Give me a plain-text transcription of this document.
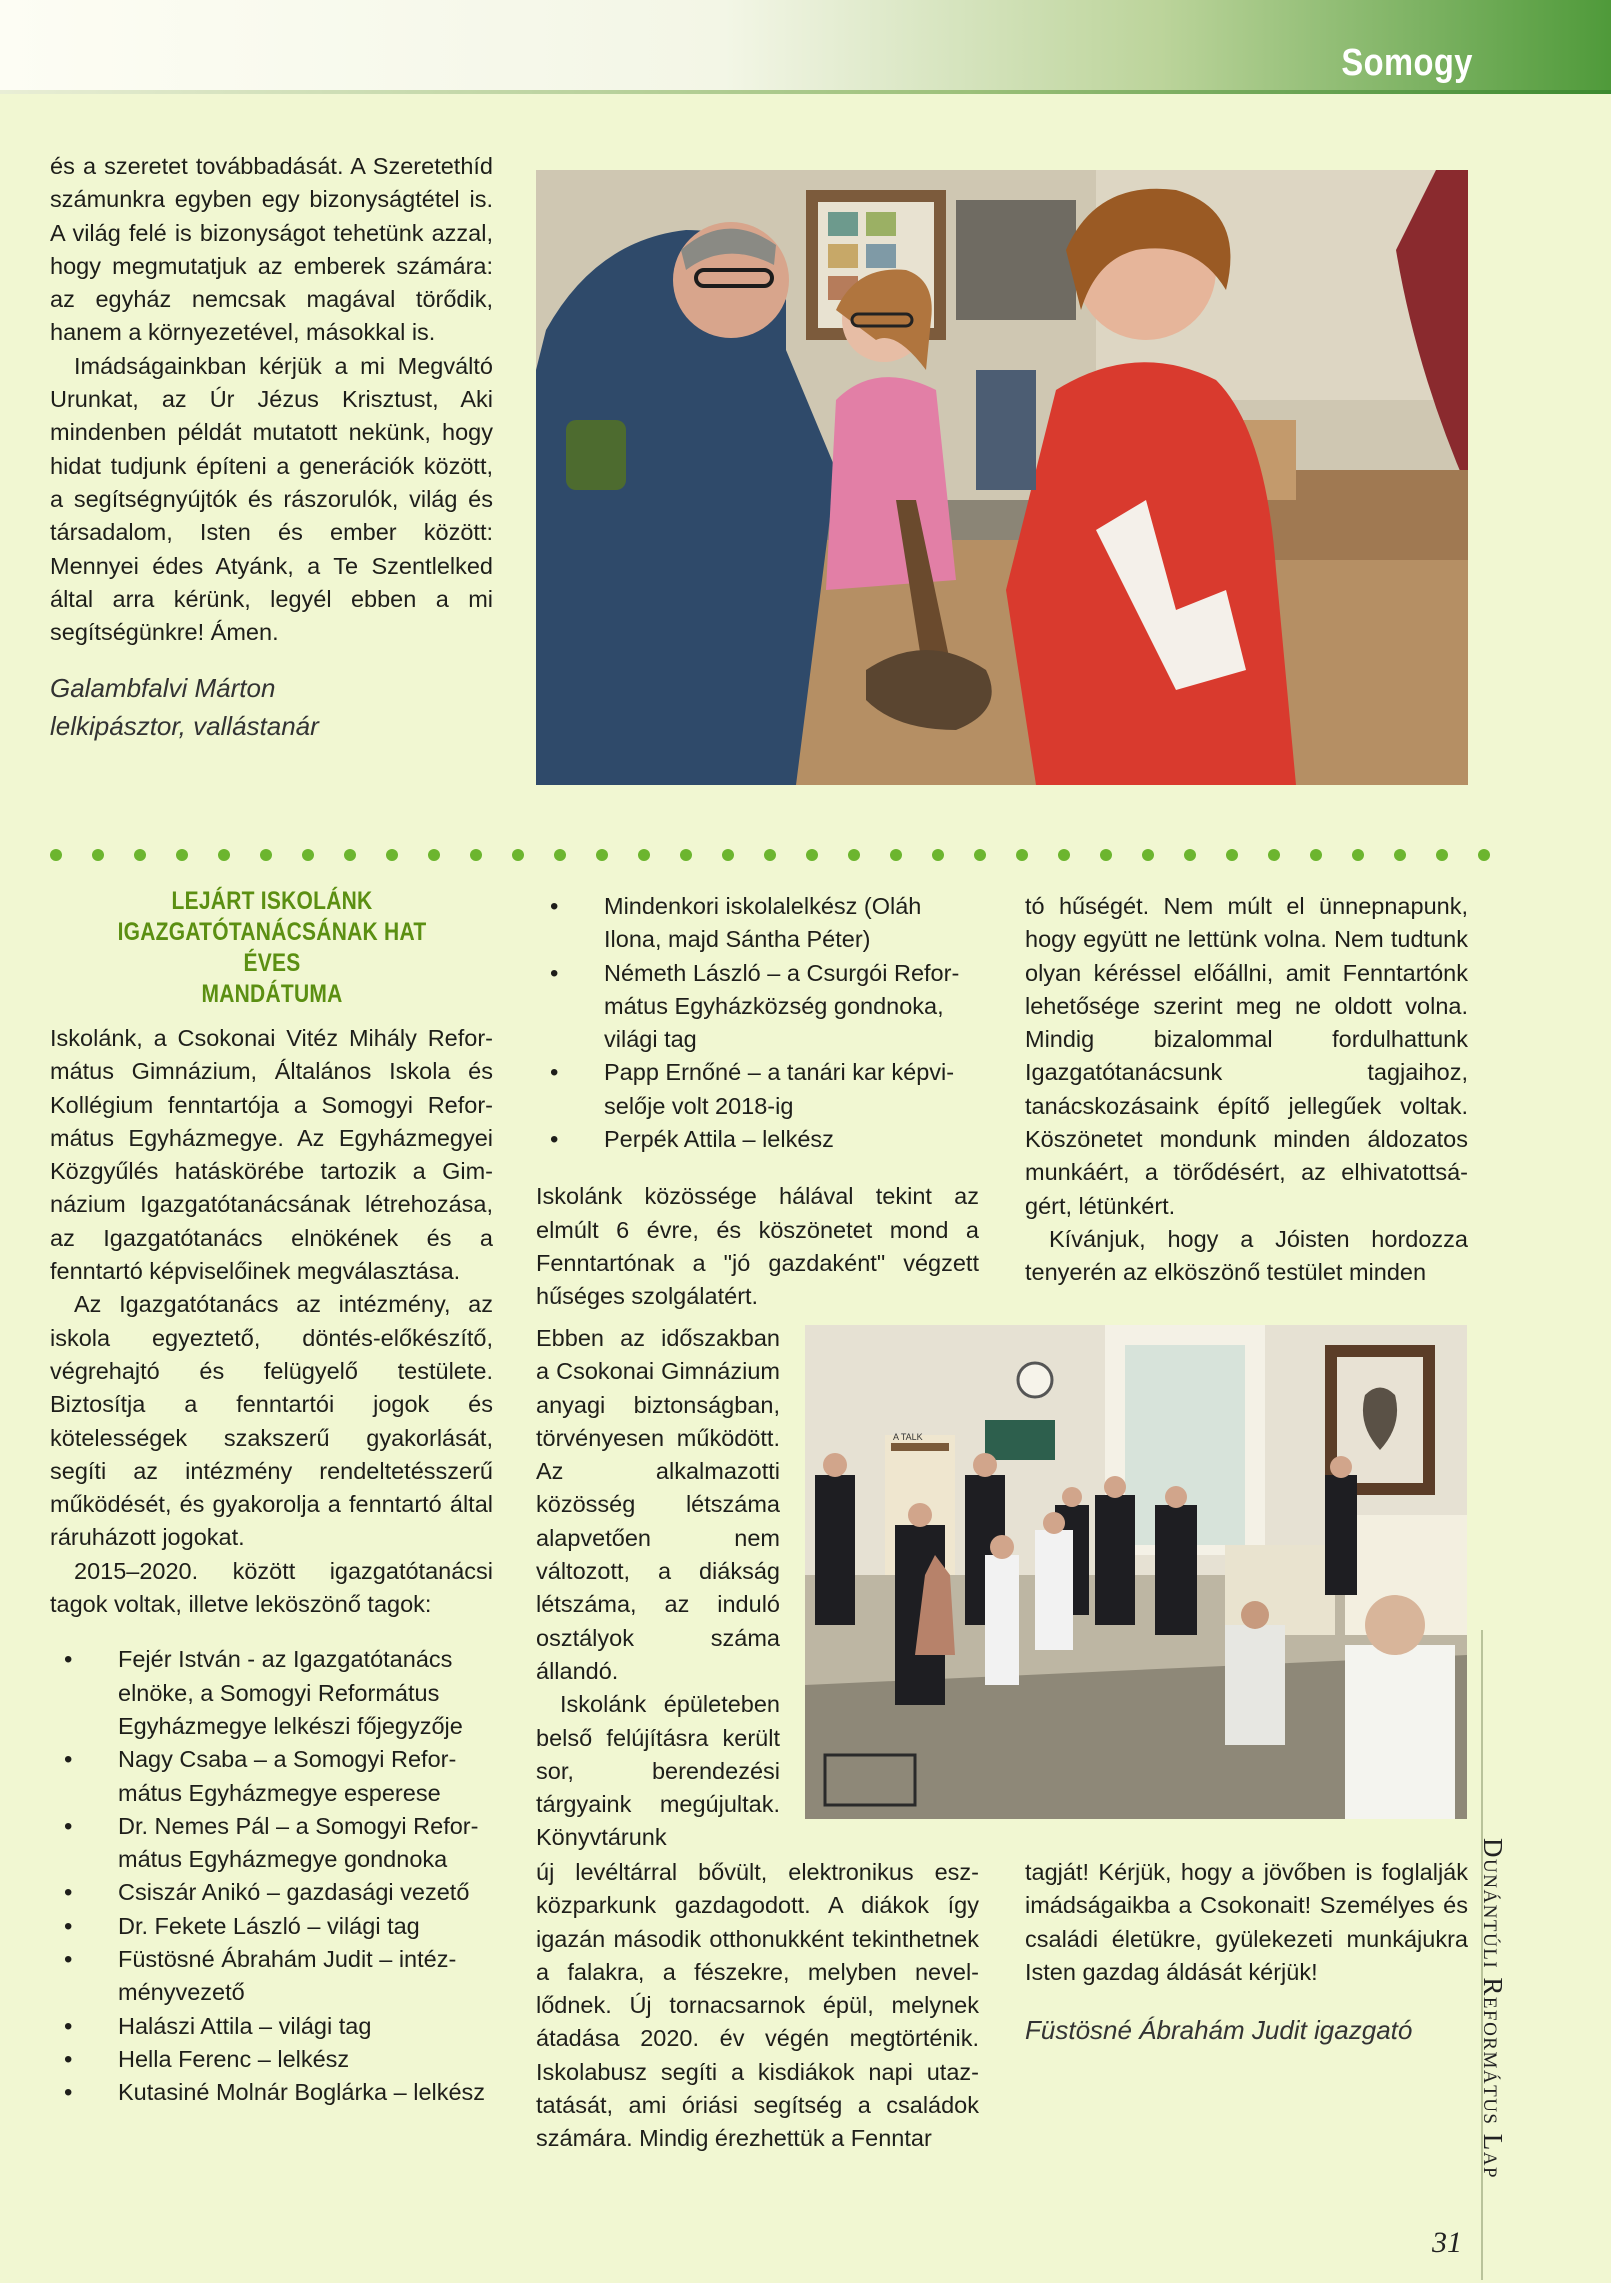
Somogy

és a szeretet továbbadását. A Szeretethíd számunkra egyben egy bizonyságtétel is. A világ felé is bizonyságot tehetünk azzal, hogy megmutatjuk az emberek számára: az egyház nemcsak magával törődik, hanem a környezetével, másokkal is.

Imádságainkban kérjük a mi Megváltó Urunkat, az Úr Jézus Krisztust, Aki mindenben példát mutatott nekünk, hogy hidat tudjunk építeni a generációk között, a segítségnyújtók és rászorulók, világ és társadalom, Isten és ember között: Mennyei édes Atyánk, a Te Szentlelked által arra kérünk, legyél ebben a mi segítségünkre! Ámen.

Galambfalvi Márton
lelkipásztor, vallástanár
LEJÁRT ISKOLÁNK
IGAZGATÓTANÁCSÁNAK HAT ÉVES
MANDÁTUMA

Iskolánk, a Csokonai Vitéz Mihály Református Gimnázium, Általános Iskola és Kollégium fenntartója a Somogyi Református Egyházmegye. Az Egyházmegyei Közgyűlés hatáskörébe tartozik a Gimnázium Igazgatótanácsának létrehozása, az Igazgatótanács elnökének és a fenntartó képviselőinek megválasztása.

Az Igazgatótanács az intézmény, az iskola egyeztető, döntés-előkészítő, végrehajtó és felügyelő testülete. Biztosítja a fenntartói jogok és kötelességek szakszerű gyakorlását, segíti az intézmény rendeltetésszerű működését, és gyakorolja a fenntartó által ráruházott jogokat.

2015–2020. között igazgatótanácsi tagok voltak, illetve leköszönő tagok:

• Fejér István - az Igazgatótanács elnöke, a Somogyi Református Egyházmegye lelkészi főjegyzője
• Nagy Csaba – a Somogyi Református Egyházmegye esperese
• Dr. Nemes Pál – a Somogyi Református Egyházmegye gondnoka
• Csiszár Anikó – gazdasági vezető
• Dr. Fekete László – világi tag
• Füstösné Ábrahám Judit – intézményvezető
• Halászi Attila – világi tag
• Hella Ferenc – lelkész
• Kutasiné Molnár Boglárka – lelkész
• Mindenkori iskolalelkész (Oláh Ilona, majd Sántha Péter)
• Németh László – a Csurgói Református Egyházközség gondnoka, világi tag
• Papp Ernőné – a tanári kar képviselője volt 2018-ig
• Perpék Attila – lelkész

Iskolánk közössége hálával tekint az elmúlt 6 évre, és köszönetet mond a Fenntartónak a "jó gazdaként" végzett hűséges szolgálatért.

Ebben az időszakban a Csokonai Gimnázium anyagi biztonságban, törvényesen működött. Az alkalmazotti közösség létszáma alapvetően nem változott, a diákság létszáma, az induló osztályok száma állandó.

Iskolánk épületeben belső felújításra került sor, berendezési tárgyaink megújultak. Könyvtárunk

új levéltárral bővült, elektronikus eszközparkunk gazdagodott. A diákok így igazán második otthonukként tekinthetnek a falakra, a fészekre, melyben nevellődnek. Új tornacsarnok épül, melynek átadása 2020. év végén megtörténik. Iskolabusz segíti a kisdiákok napi utaztatását, ami óriási segítség a családok számára. Mindig érezhettük a Fenntar

tó hűségét. Nem múlt el ünnepnapunk, hogy együtt ne lettünk volna. Nem tudtunk olyan kéréssel előállni, amit Fenntartónk lehetősége szerint meg ne oldott volna. Mindig bizalommal fordulhattunk Igazgatótanácsunk tagjaihoz, tanácskozásaink építő jellegűek voltak. Köszönetet mondunk minden áldozatos munkáért, a törődésért, az elhivatottságért, létünkért.

Kívánjuk, hogy a Jóisten hordozza tenyerén az elköszönő testület minden

A TALK

tagját! Kérjük, hogy a jövőben is foglalják imádságaikba a Csokonait! Személyes és családi életükre, gyülekezeti munkájukra Isten gazdag áldását kérjük!

Füstösné Ábrahám Judit igazgató	Dunántúli Református Lap
31
